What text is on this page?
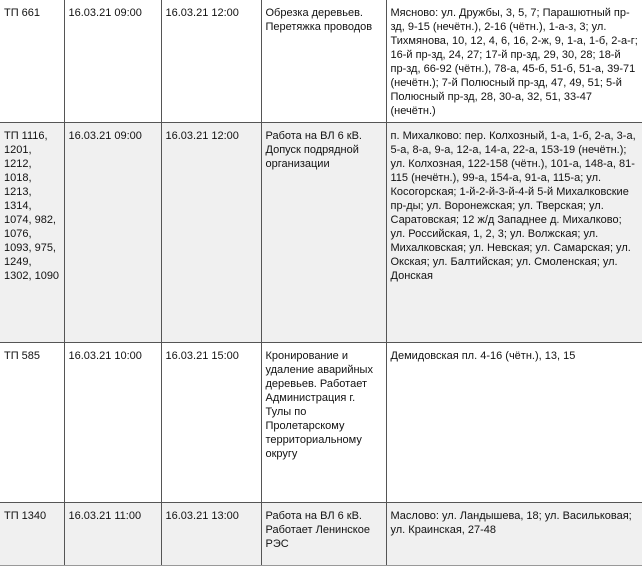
ТП 661	16.03.21 09:00	16.03.21 12:00	Обрезка деревьев. Перетяжка проводов	Мясново: ул. Дружбы, 3, 5, 7; Парашютный пр-зд, 9-15 (нечётн.), 2-16 (чётн.), 1-а-з, 3; ул. Тихмянова, 10, 12, 4, 6, 16, 2-ж, 9, 1-а, 1-б, 2-а-г; 16-й пр-зд, 24, 27; 17-й пр-зд, 29, 30, 28; 18-й пр-зд, 66-92 (чётн.), 78-а, 45-б, 51-б, 51-а, 39-71 (нечётн.); 7-й Полюсный пр-зд, 47, 49, 51; 5-й Полюсный пр-зд, 28, 30-а, 32, 51, 33-47 (нечётн.)
ТП 1116, 1201, 1212, 1018, 1213, 1314, 1074, 982, 1076, 1093, 975, 1249, 1302, 1090	16.03.21 09:00	16.03.21 12:00	Работа на ВЛ 6 кВ. Допуск подрядной организации	п. Михалково: пер. Колхозный, 1-а, 1-б, 2-а, 3-а, 5-а, 8-а, 9-а, 12-а, 14-а, 22-а, 153-19 (нечётн.); ул. Колхозная, 122-158 (чётн.), 101-а, 148-а, 81-115 (нечётн.), 99-а, 154-а, 91-а, 115-а; ул. Косогорская; 1-й-2-й-3-й-4-й 5-й Михалковские пр-ды; ул. Воронежская; ул. Тверская; ул. Саратовская; 12 ж/д Западнее д. Михалково; ул. Российская, 1, 2, 3; ул. Волжская; ул. Михалковская; ул. Невская; ул. Самарская; ул. Окская; ул. Балтийская; ул. Смоленская; ул. Донская
ТП 585	16.03.21 10:00	16.03.21 15:00	Кронирование и удаление аварийных деревьев. Работает Администрация г. Тулы по Пролетарскому территориальному округу	Демидовская пл. 4-16 (чётн.), 13, 15
ТП 1340	16.03.21 11:00	16.03.21 13:00	Работа на ВЛ 6 кВ. Работает Ленинское РЭС	Маслово: ул. Ландышева, 18; ул. Васильковая; ул. Краинская, 27-48
